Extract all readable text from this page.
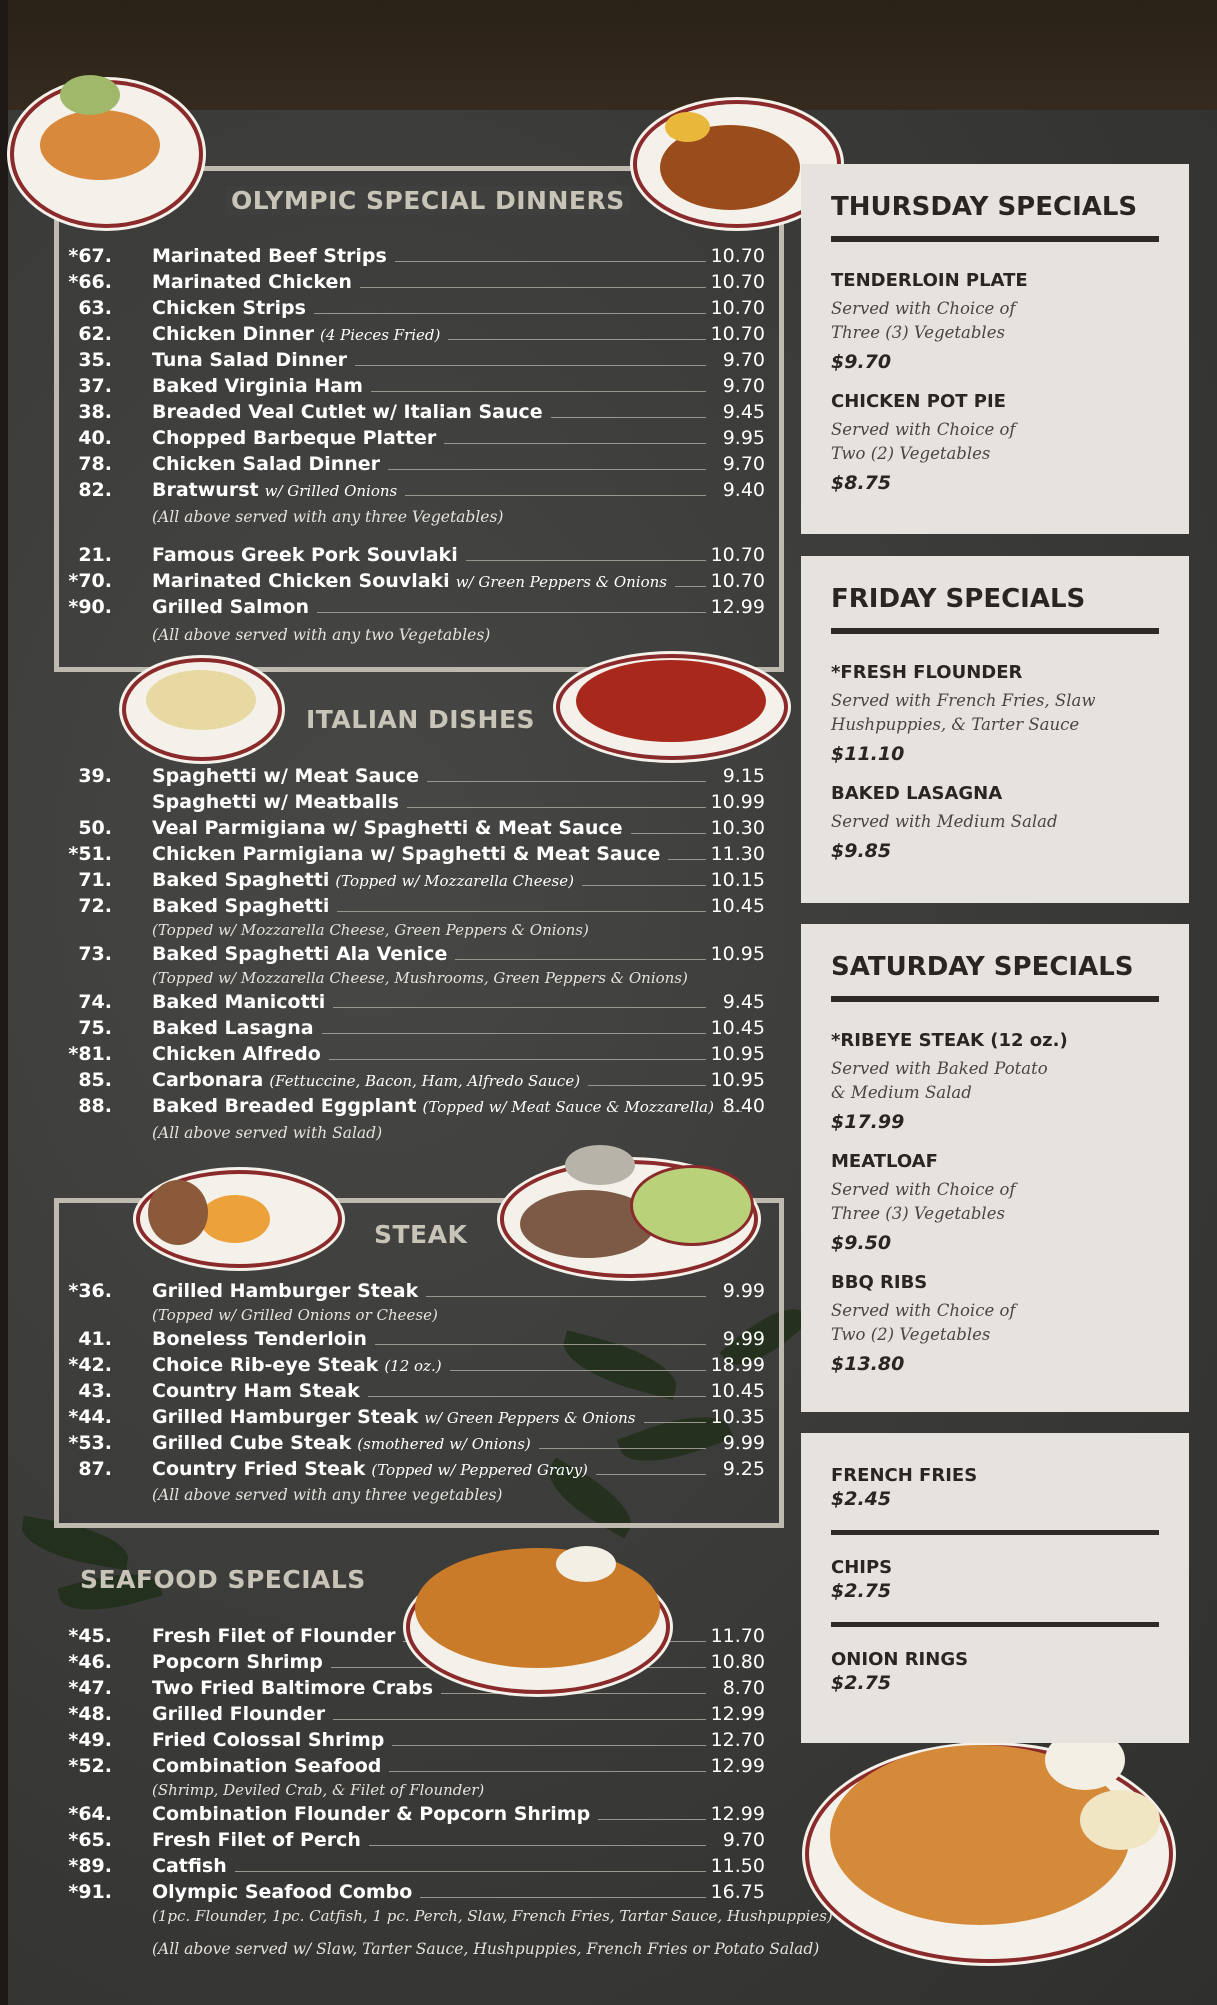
OLYMPIC SPECIAL DINNERS
STEAK
ITALIAN DISHES
SEAFOOD SPECIALS
*67. Marinated Beef Strips	10.70
*66. Marinated Chicken	10.70
63. Chicken Strips	10.70
62. Chicken Dinner (4 Pieces Fried)	10.70
35. Tuna Salad Dinner	9.70
37. Baked Virginia Ham	9.70
38. Breaded Veal Cutlet w/ Italian Sauce	9.45
40. Chopped Barbeque Platter	9.95
78. Chicken Salad Dinner	9.70
82. Bratwurst w/ Grilled Onions	9.40
(All above served with any three Vegetables)
21. Famous Greek Pork Souvlaki	10.70
*70. Marinated Chicken Souvlaki w/ Green Peppers & Onions	10.70
*90. Grilled Salmon	12.99
(All above served with any two Vegetables)
39. Spaghetti w/ Meat Sauce	9.15
Spaghetti w/ Meatballs	10.99
50. Veal Parmigiana w/ Spaghetti & Meat Sauce	10.30
*51. Chicken Parmigiana w/ Spaghetti & Meat Sauce	11.30
71. Baked Spaghetti (Topped w/ Mozzarella Cheese)	10.15
72. Baked Spaghetti	10.45
(Topped w/ Mozzarella Cheese, Green Peppers & Onions)
73. Baked Spaghetti Ala Venice	10.95
(Topped w/ Mozzarella Cheese, Mushrooms, Green Peppers & Onions)
74. Baked Manicotti	9.45
75. Baked Lasagna	10.45
*81. Chicken Alfredo	10.95
85. Carbonara (Fettuccine, Bacon, Ham, Alfredo Sauce)	10.95
88. Baked Breaded Eggplant (Topped w/ Meat Sauce & Mozzarella) 8.40
(All above served with Salad)
*36. Grilled Hamburger Steak	9.99
(Topped w/ Grilled Onions or Cheese)
41. Boneless Tenderloin	9.99
*42. Choice Rib-eye Steak (12 oz.)	18.99
43. Country Ham Steak	10.45
*44. Grilled Hamburger Steak w/ Green Peppers & Onions	10.35
*53. Grilled Cube Steak (smothered w/ Onions)	9.99
87. Country Fried Steak (Topped w/ Peppered Gravy)	9.25
(All above served with any three vegetables)
*45. Fresh Filet of Flounder	11.70
*46. Popcorn Shrimp	10.80
*47. Two Fried Baltimore Crabs	8.70
*48. Grilled Flounder	12.99
*49. Fried Colossal Shrimp	12.70
*52. Combination Seafood	12.99
(Shrimp, Deviled Crab, & Filet of Flounder)
*64. Combination Flounder & Popcorn Shrimp	12.99
*65. Fresh Filet of Perch	9.70
*89. Catfish	11.50
*91. Olympic Seafood Combo	16.75
(1pc. Flounder, 1pc. Catfish, 1 pc. Perch, Slaw, French Fries, Tartar Sauce, Hushpuppies)
(All above served w/ Slaw, Tarter Sauce, Hushpuppies, French Fries or Potato Salad)
THURSDAY SPECIALS
TENDERLOIN PLATE
Served with Choice of
Three (3) Vegetables
$9.70
CHICKEN POT PIE
Served with Choice of
Two (2) Vegetables
$8.75
FRIDAY SPECIALS
*FRESH FLOUNDER
Served with French Fries, Slaw
Hushpuppies, & Tarter Sauce
$11.10
BAKED LASAGNA
Served with Medium Salad
$9.85
SATURDAY SPECIALS
*RIBEYE STEAK (12 oz.)
Served with Baked Potato
& Medium Salad
$17.99
MEATLOAF
Served with Choice of
Three (3) Vegetables
$9.50
BBQ RIBS
Served with Choice of
Two (2) Vegetables
$13.80
FRENCH FRIES
$2.45
CHIPS
$2.75
ONION RINGS
$2.75
